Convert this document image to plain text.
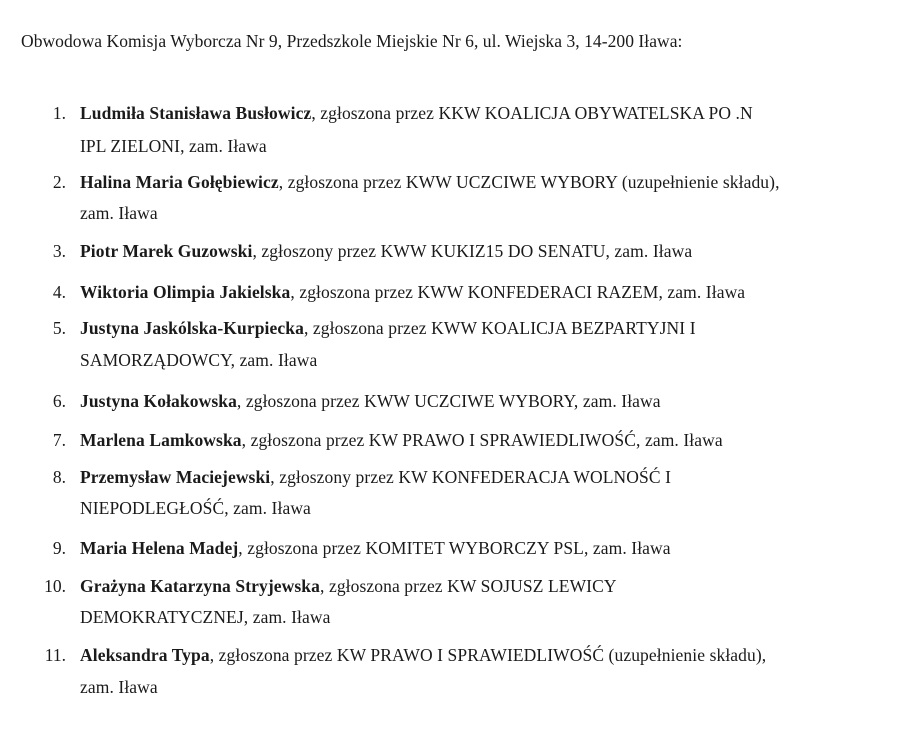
Obwodowa Komisja Wyborcza Nr 9, Przedszkole Miejskie Nr 6, ul. Wiejska 3, 14-200 Iława:
1. Ludmiła Stanisława Busłowicz, zgłoszona przez KKW KOALICJA OBYWATELSKA PO .N
IPL ZIELONI, zam. Iława
2. Halina Maria Gołębiewicz, zgłoszona przez KWW UCZCIWE WYBORY (uzupełnienie składu),
zam. Iława
3. Piotr Marek Guzowski, zgłoszony przez KWW KUKIZ15 DO SENATU, zam. Iława
4. Wiktoria Olimpia Jakielska, zgłoszona przez KWW KONFEDERACI RAZEM, zam. Iława
5. Justyna Jaskólska-Kurpiecka, zgłoszona przez KWW KOALICJA BEZPARTYJNI I
SAMORZĄDOWCY, zam. Iława
6. Justyna Kołakowska, zgłoszona przez KWW UCZCIWE WYBORY, zam. Iława
7. Marlena Lamkowska, zgłoszona przez KW PRAWO I SPRAWIEDLIWOŚĆ, zam. Iława
8. Przemysław Maciejewski, zgłoszony przez KW KONFEDERACJA WOLNOŚĆ I
NIEPODLEGŁOŚĆ, zam. Iława
9. Maria Helena Madej, zgłoszona przez KOMITET WYBORCZY PSL, zam. Iława
10. Grażyna Katarzyna Stryjewska, zgłoszona przez KW SOJUSZ LEWICY
DEMOKRATYCZNEJ, zam. Iława
11. Aleksandra Typa, zgłoszona przez KW PRAWO I SPRAWIEDLIWOŚĆ (uzupełnienie składu),
zam. Iława
